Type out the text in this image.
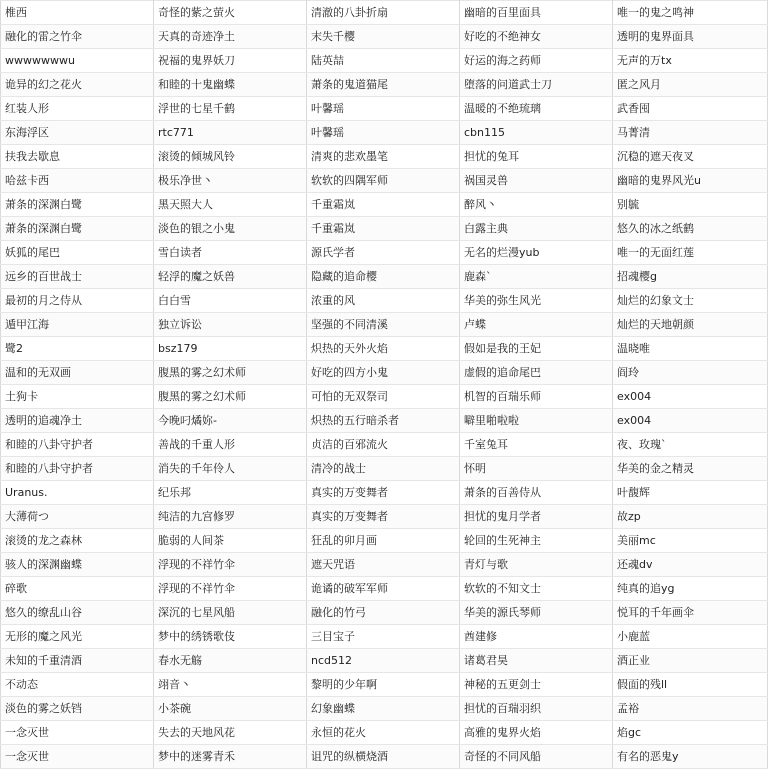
椎西	奇怪的紫之萤火	清澈的八卦折扇	幽暗的百里面具	唯一的鬼之鸣神
融化的雷之竹伞	天真的奇迹净土	末失千樱	好吃的不绝神女	透明的鬼界面具
wwwwwwwu	祝福的鬼界妖刀	陆英喆	好运的海之药师	无声的万tx
诡异的幻之花火	和睦的十鬼幽蝶	萧条的鬼道猫尾	堕落的问道武士刀	匿之风月
红装人形	浮世的七星千鹤	叶馨瑶	温暖的不绝琉璃	武香囤
东海浮区	rtc771	叶馨瑶	cbn115	马菁清
扶我去歇息	滚烫的倾城风铃	清爽的悲欢墨笔	担忧的兔耳	沉稳的遮天夜叉
哈兹卡西	极乐净世丶	软软的四隅军师	祸国灵兽	幽暗的鬼界风光u
萧条的深渊白鹭	黑天照大人	千重霜岚	醉风丶	别毓
萧条的深渊白鹭	淡色的银之小鬼	千重霜岚	白露主典	悠久的冰之纸鹤
妖狐的尾巴	雪白读者	源氏学者	无名的烂漫yub	唯一的无面红莲
远乡的百世战士	轻浮的魔之妖兽	隐藏的追命樱	鹿森`	招魂樱g
最初的月之侍从	白白雪	浓重的风	华美的弥生风光	灿烂的幻象文士
遁甲江海	独立诉讼	坚强的不同清溪	卢蝶	灿烂的天地朝颜
鹭2	bsz179	炽热的天外火焰	假如是我的王妃	温晓唯
温和的无双画	腹黑的雾之幻术师	好吃的四方小鬼	虚假的追命尾巴	阎玲
土狗卡	腹黑的雾之幻术师	可怕的无双祭司	机智的百瑞乐师	ex004
透明的追魂净土	今晚叼燏妳-	炽热的五行暗杀者	噼里啪啦啦	ex004
和睦的八卦守护者	善战的千重人形	贞洁的百邪流火	千室兔耳	夜、玫瑰`
和睦的八卦守护者	消失的千年伶人	清冷的战士	怀明	华美的金之精灵
Uranus.	纪乐邦	真实的万变舞者	萧条的百善侍从	叶馥辉
大薄荷つ	纯洁的九宫修罗	真实的万变舞者	担忧的鬼月学者	故zp
滚烫的龙之森林	脆弱的人间茶	狂乱的卯月画	轮回的生死神主	美丽mc
骇人的深渊幽蝶	浮现的不祥竹伞	遮天咒语	青灯与歌	还魂dv
碎歌	浮现的不祥竹伞	诡谲的破军军师	软软的不知文士	纯真的追yg
悠久的缭乱山谷	深沉的七星风船	融化的竹弓	华美的源氏琴师	悦耳的千年画伞
无形的魔之风光	梦中的绣锈歌伎	三目宝子	酋建修	小鹿蓝
未知的千重清酒	春水无觞	ncd512	诸葛君昊	酒正业
不动态	翊音丶	黎明的少年啊	神秘的五更剑士	假面的残ll
淡色的雾之妖铛	小茶碗	幻象幽蝶	担忧的百瑞羽织	孟裕
一念灭世	失去的天地风花	永恒的花火	高雅的鬼界火焰	焰gc
一念灭世	梦中的迷雾青禾	诅咒的纵横烧酒	奇怪的不同风船	有名的恶鬼y
